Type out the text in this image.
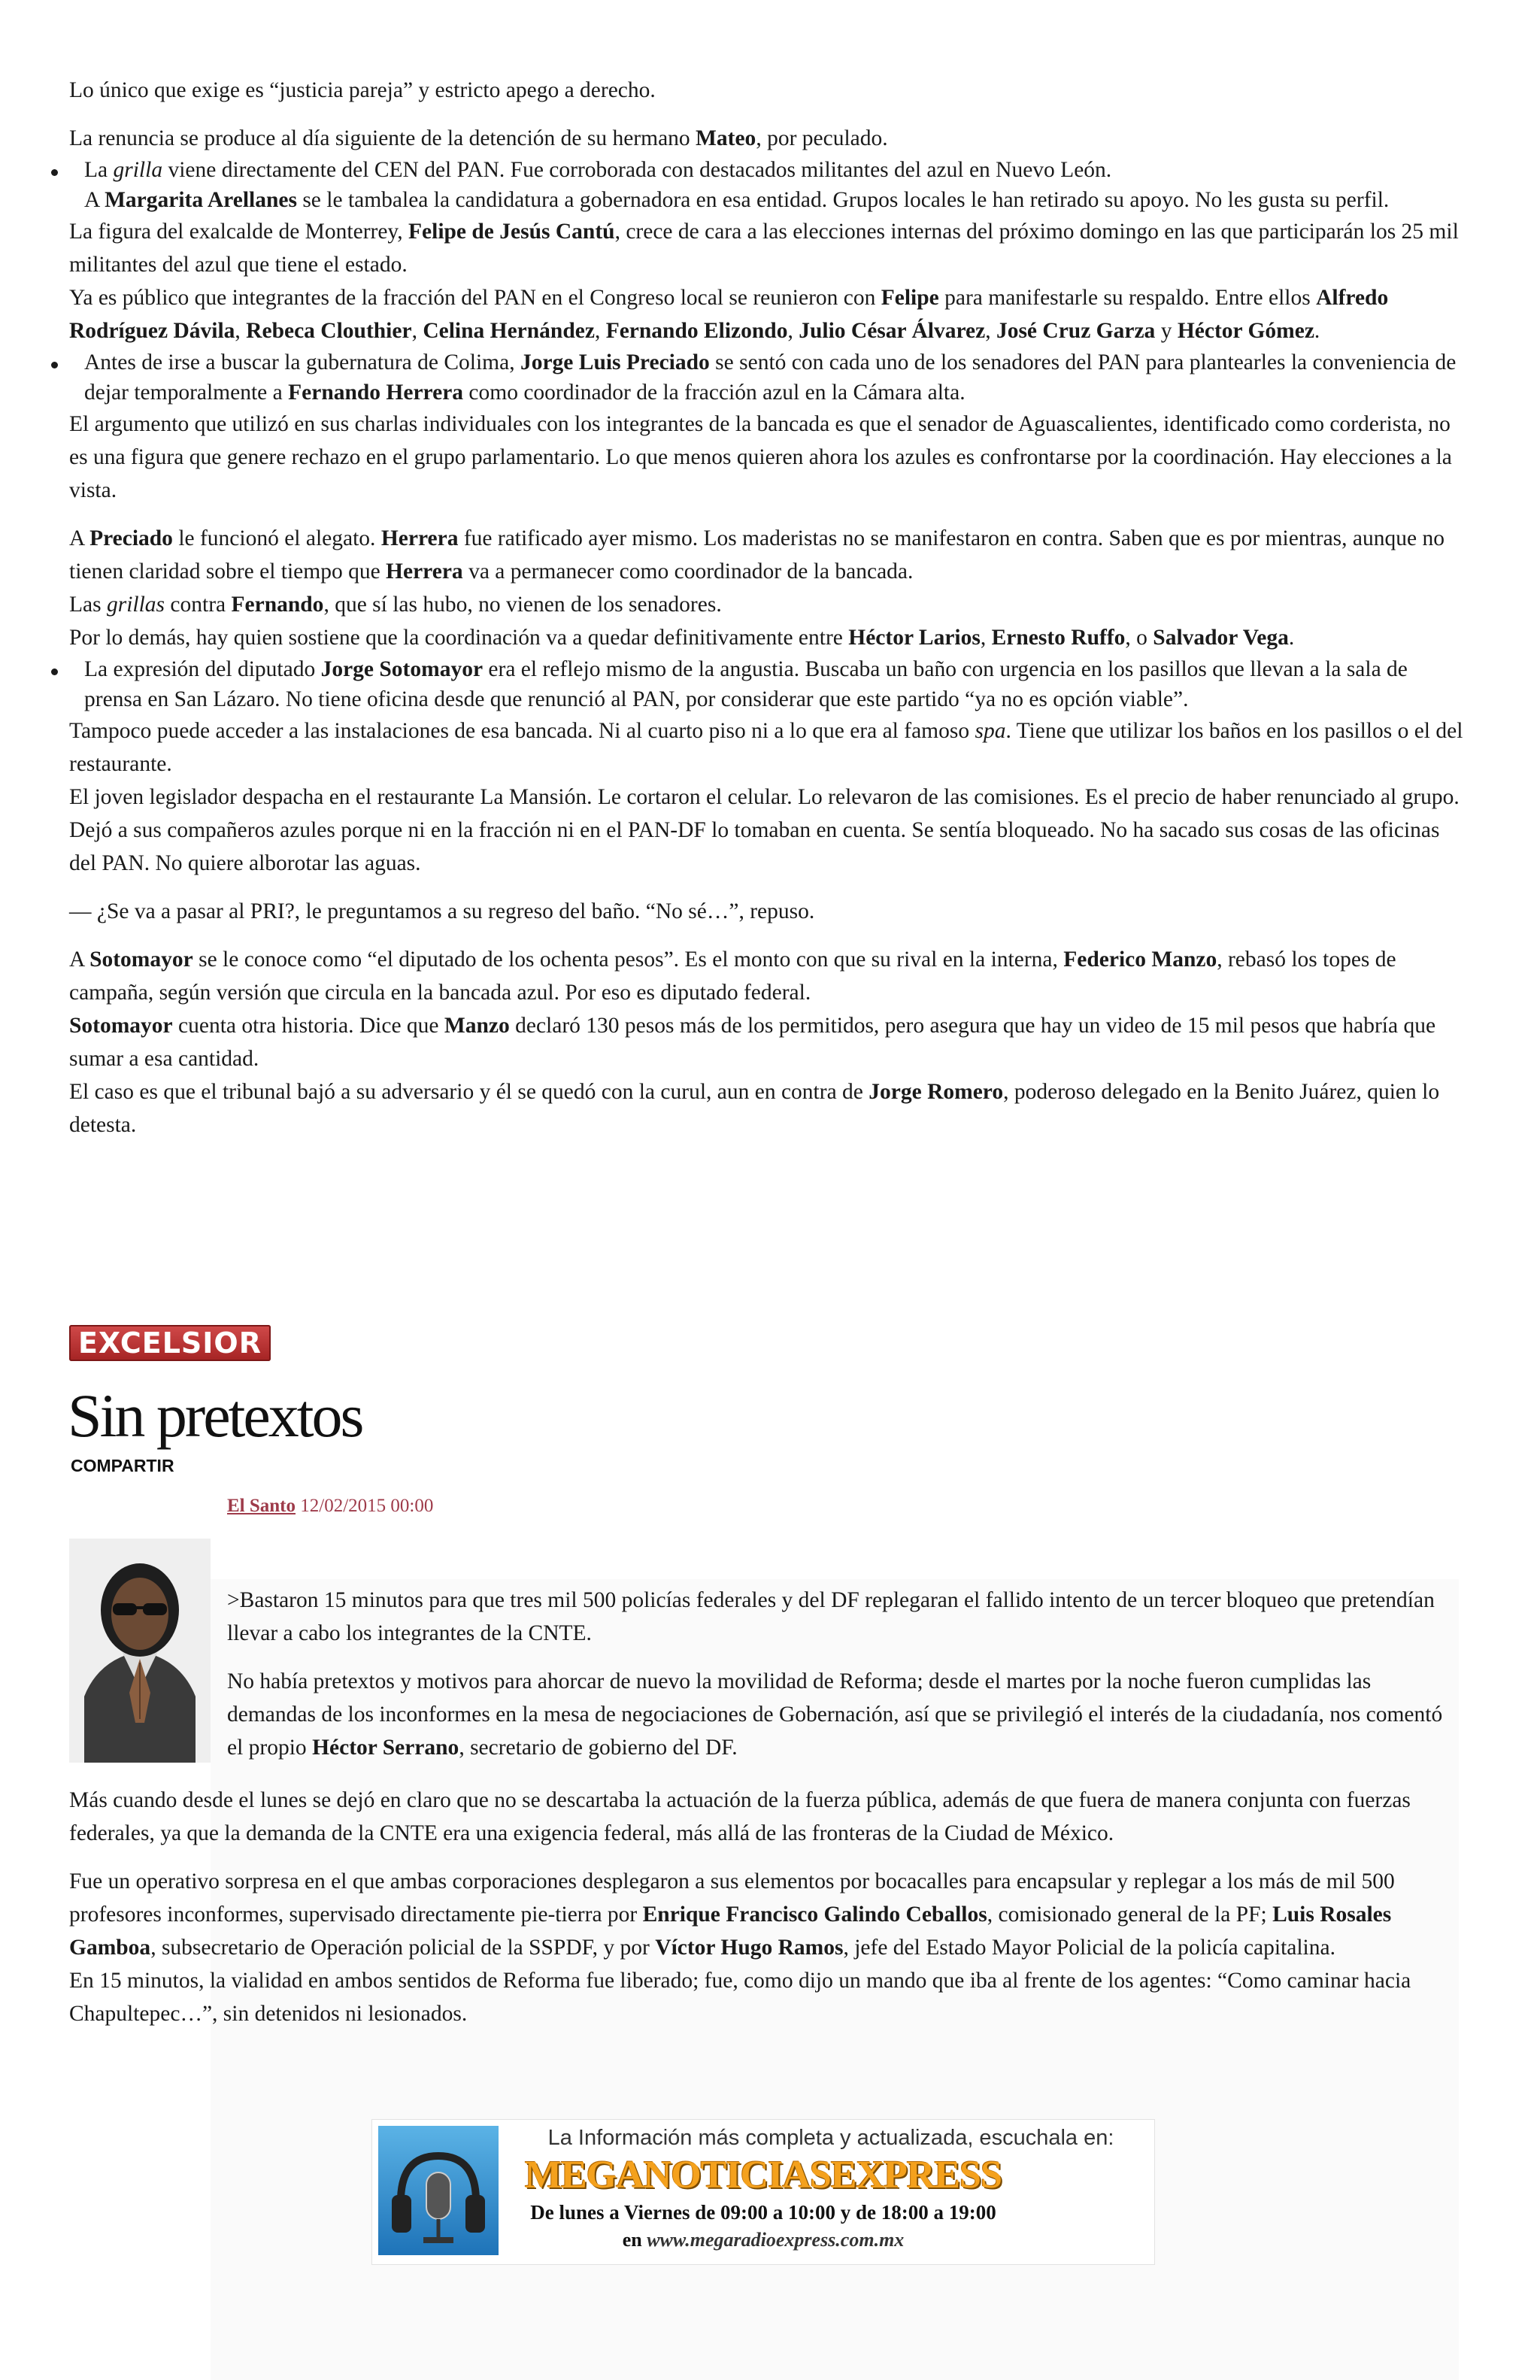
Lo único que exige es “justicia pareja” y estricto apego a derecho.

La renuncia se produce al día siguiente de la detención de su hermano Mateo, por peculado.

La grilla viene directamente del CEN del PAN. Fue corroborada con destacados militantes del azul en Nuevo León.
A Margarita Arellanes se le tambalea la candidatura a gobernadora en esa entidad. Grupos locales le han retirado su apoyo. No les gusta su perfil.

La figura del exalcalde de Monterrey, Felipe de Jesús Cantú, crece de cara a las elecciones internas del próximo domingo en las que participarán los 25 mil militantes del azul que tiene el estado.

Ya es público que integrantes de la fracción del PAN en el Congreso local se reunieron con Felipe para manifestarle su respaldo. Entre ellos Alfredo Rodríguez Dávila, Rebeca Clouthier, Celina Hernández, Fernando Elizondo, Julio César Álvarez, José Cruz Garza y Héctor Gómez.

Antes de irse a buscar la gubernatura de Colima, Jorge Luis Preciado se sentó con cada uno de los senadores del PAN para plantearles la conveniencia de dejar temporalmente a Fernando Herrera como coordinador de la fracción azul en la Cámara alta.

El argumento que utilizó en sus charlas individuales con los integrantes de la bancada es que el senador de Aguascalientes, identificado como corderista, no es una figura que genere rechazo en el grupo parlamentario. Lo que menos quieren ahora los azules es confrontarse por la coordinación. Hay elecciones a la vista.

A Preciado le funcionó el alegato. Herrera fue ratificado ayer mismo. Los maderistas no se manifestaron en contra. Saben que es por mientras, aunque no tienen claridad sobre el tiempo que Herrera va a permanecer como coordinador de la bancada.

Las grillas contra Fernando, que sí las hubo, no vienen de los senadores.

Por lo demás, hay quien sostiene que la coordinación va a quedar definitivamente entre Héctor Larios, Ernesto Ruffo, o Salvador Vega.

La expresión del diputado Jorge Sotomayor era el reflejo mismo de la angustia. Buscaba un baño con urgencia en los pasillos que llevan a la sala de prensa en San Lázaro. No tiene oficina desde que renunció al PAN, por considerar que este partido “ya no es opción viable”.

Tampoco puede acceder a las instalaciones de esa bancada. Ni al cuarto piso ni a lo que era al famoso spa. Tiene que utilizar los baños en los pasillos o el del restaurante.

El joven legislador despacha en el restaurante La Mansión. Le cortaron el celular. Lo relevaron de las comisiones. Es el precio de haber renunciado al grupo. Dejó a sus compañeros azules porque ni en la fracción ni en el PAN-DF lo tomaban en cuenta. Se sentía bloqueado. No ha sacado sus cosas de las oficinas del PAN. No quiere alborotar las aguas.

— ¿Se va a pasar al PRI?, le preguntamos a su regreso del baño. “No sé…”, repuso.

A Sotomayor se le conoce como “el diputado de los ochenta pesos”. Es el monto con que su rival en la interna, Federico Manzo, rebasó los topes de campaña, según versión que circula en la bancada azul. Por eso es diputado federal.

Sotomayor cuenta otra historia. Dice que Manzo declaró 130 pesos más de los permitidos, pero asegura que hay un video de 15 mil pesos que habría que sumar a esa cantidad.

El caso es que el tribunal bajó a su adversario y él se quedó con la curul, aun en contra de Jorge Romero, poderoso delegado en la Benito Juárez, quien lo detesta.

EXCELSIOR
Sin pretextos
COMPARTIR
El Santo 12/02/2015 00:00

>Bastaron 15 minutos para que tres mil 500 policías federales y del DF replegaran el fallido intento de un tercer bloqueo que pretendían llevar a cabo los integrantes de la CNTE.

No había pretextos y motivos para ahorcar de nuevo la movilidad de Reforma; desde el martes por la noche fueron cumplidas las demandas de los inconformes en la mesa de negociaciones de Gobernación, así que se privilegió el interés de la ciudadanía, nos comentó el propio Héctor Serrano, secretario de gobierno del DF.

Más cuando desde el lunes se dejó en claro que no se descartaba la actuación de la fuerza pública, además de que fuera de manera conjunta con fuerzas federales, ya que la demanda de la CNTE era una exigencia federal, más allá de las fronteras de la Ciudad de México.

Fue un operativo sorpresa en el que ambas corporaciones desplegaron a sus elementos por bocacalles para encapsular y replegar a los más de mil 500 profesores inconformes, supervisado directamente pie-tierra por Enrique Francisco Galindo Ceballos, comisionado general de la PF; Luis Rosales Gamboa, subsecretario de Operación policial de la SSPDF, y por Víctor Hugo Ramos, jefe del Estado Mayor Policial de la policía capitalina.

En 15 minutos, la vialidad en ambos sentidos de Reforma fue liberado; fue, como dijo un mando que iba al frente de los agentes: “Como caminar hacia Chapultepec…”, sin detenidos ni lesionados.

La Información más completa y actualizada, escuchala en:
MEGANOTICIASEXPRESS
De lunes a Viernes de 09:00 a 10:00 y de 18:00 a 19:00
en www.megaradioexpress.com.mx
